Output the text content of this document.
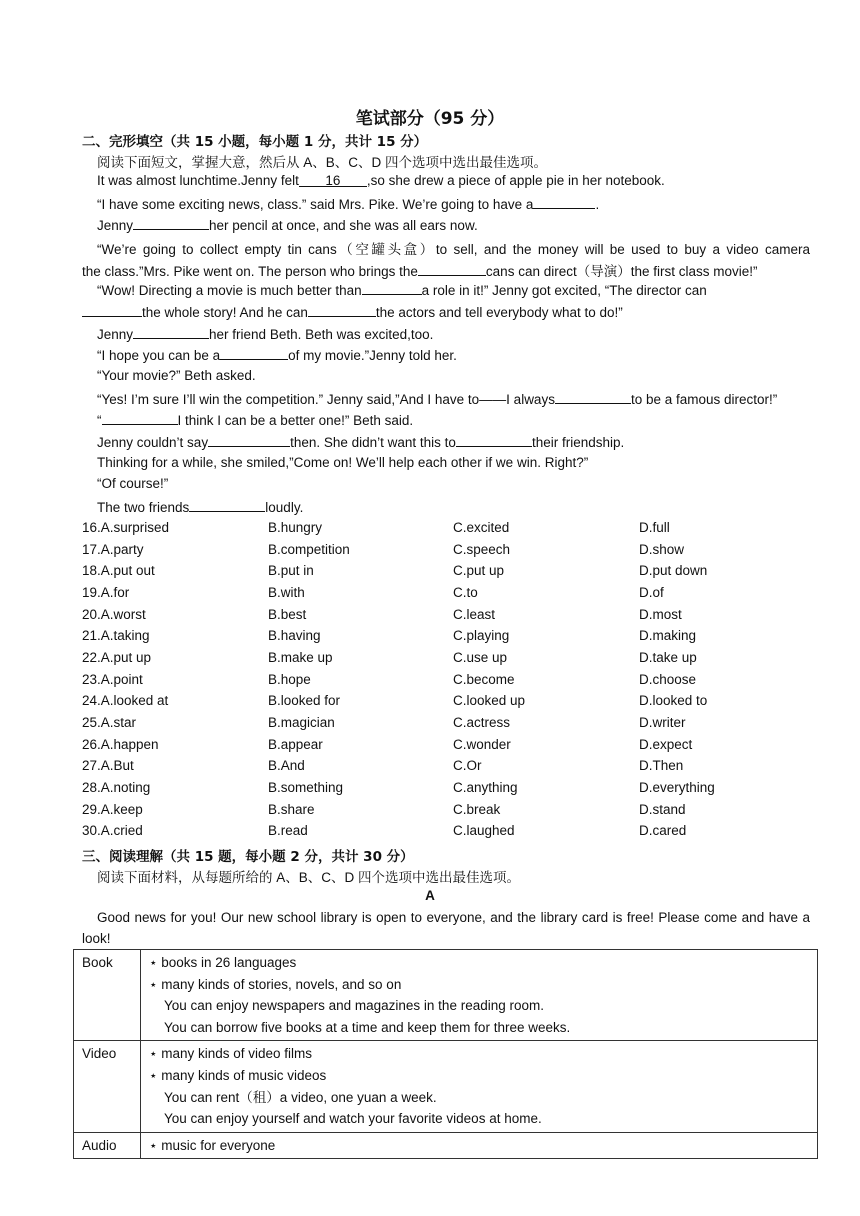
笔试部分（95 分）
二、完形填空（共 15 小题，每小题 1 分，共计 15 分）
阅读下面短文，掌握大意，然后从 A、B、C、D 四个选项中选出最佳选项。
It was almost lunchtime.Jenny felt 16 ,so she drew a piece of apple pie in her notebook.
“I have some exciting news, class.” said Mrs. Pike. We’re going to have a	.
Jenny	her pencil at once, and she was all ears now.
“We’re going to collect empty tin cans（空罐头盒）to sell, and the money will be used to buy a video camera
the class.”Mrs. Pike went on. The person who brings the	cans can direct（导演）the first class movie!”
“Wow! Directing a movie is much better than	a role in it!” Jenny got excited, “The director can
the whole story! And he can	the actors and tell everybody what to do!”
Jenny	her friend Beth. Beth was excited,too.
“I hope you can be a	of my movie.”Jenny told her.
“Your movie?” Beth asked.
“Yes! I’m sure I’ll win the competition.” Jenny said,”And I have to——I always	to be a famous director!”
“	I think I can be a better one!” Beth said.
Jenny couldn’t say	then. She didn’t want this to	their friendship.
Thinking for a while, she smiled,”Come on! We’ll help each other if we win. Right?”
“Of course!”
The two friends	loudly.
16.A.surprised	B.hungry	C.excited	D.full
17.A.party	B.competition	C.speech	D.show
18.A.put out	B.put in	C.put up	D.put down
19.A.for	B.with	C.to	D.of
20.A.worst	B.best	C.least	D.most
21.A.taking	B.having	C.playing	D.making
22.A.put up	B.make up	C.use up	D.take up
23.A.point	B.hope	C.become	D.choose
24.A.looked at	B.looked for	C.looked up	D.looked to
25.A.star	B.magician	C.actress	D.writer
26.A.happen	B.appear	C.wonder	D.expect
27.A.But	B.And	C.Or	D.Then
28.A.noting	B.something	C.anything	D.everything
29.A.keep	B.share	C.break	D.stand
30.A.cried	B.read	C.laughed	D.cared
三、阅读理解（共 15 题，每小题 2 分，共计 30 分）
阅读下面材料，从每题所给的 A、B、C、D 四个选项中选出最佳选项。
A
Good news for you! Our new school library is open to everyone, and the library card is free! Please come and have a
look!
Book	⋆ books in 26 languages
⋆ many kinds of stories, novels, and so on
You can enjoy newspapers and magazines in the reading room.
You can borrow five books at a time and keep them for three weeks.

Video	⋆ many kinds of video films
⋆ many kinds of music videos
You can rent（租）a video, one yuan a week.
You can enjoy yourself and watch your favorite videos at home.

Audio	⋆ music for everyone
